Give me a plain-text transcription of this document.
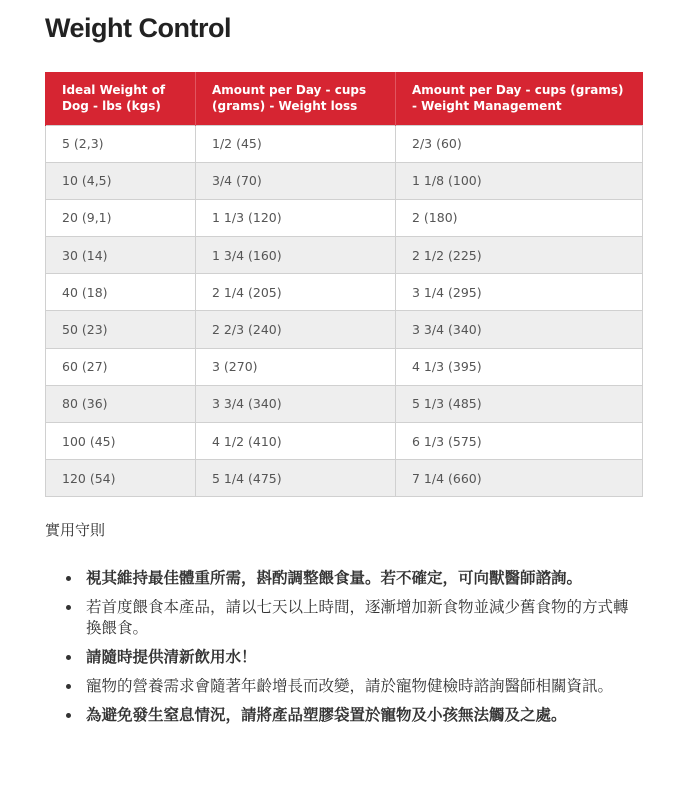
Weight Control
Ideal Weight of Dog - lbs (kgs)	Amount per Day - cups (grams) - Weight loss	Amount per Day - cups (grams) - Weight Management
5 (2,3)	1/2 (45)	2/3 (60)
10 (4,5)	3/4 (70)	1 1/8 (100)
20 (9,1)	1 1/3 (120)	2 (180)
30 (14)	1 3/4 (160)	2 1/2 (225)
40 (18)	2 1/4 (205)	3 1/4 (295)
50 (23)	2 2/3 (240)	3 3/4 (340)
60 (27)	3 (270)	4 1/3 (395)
80 (36)	3 3/4 (340)	5 1/3 (485)
100 (45)	4 1/2 (410)	6 1/3 (575)
120 (54)	5 1/4 (475)	7 1/4 (660)
實用守則
視其維持最佳體重所需，斟酌調整餵食量。若不確定，可向獸醫師諮詢。
若首度餵食本產品，請以七天以上時間，逐漸增加新食物並減少舊食物的方式轉換餵食。
請隨時提供清新飲用水！
寵物的營養需求會隨著年齡增長而改變，請於寵物健檢時諮詢醫師相關資訊。
為避免發生窒息情況，請將產品塑膠袋置於寵物及小孩無法觸及之處。
